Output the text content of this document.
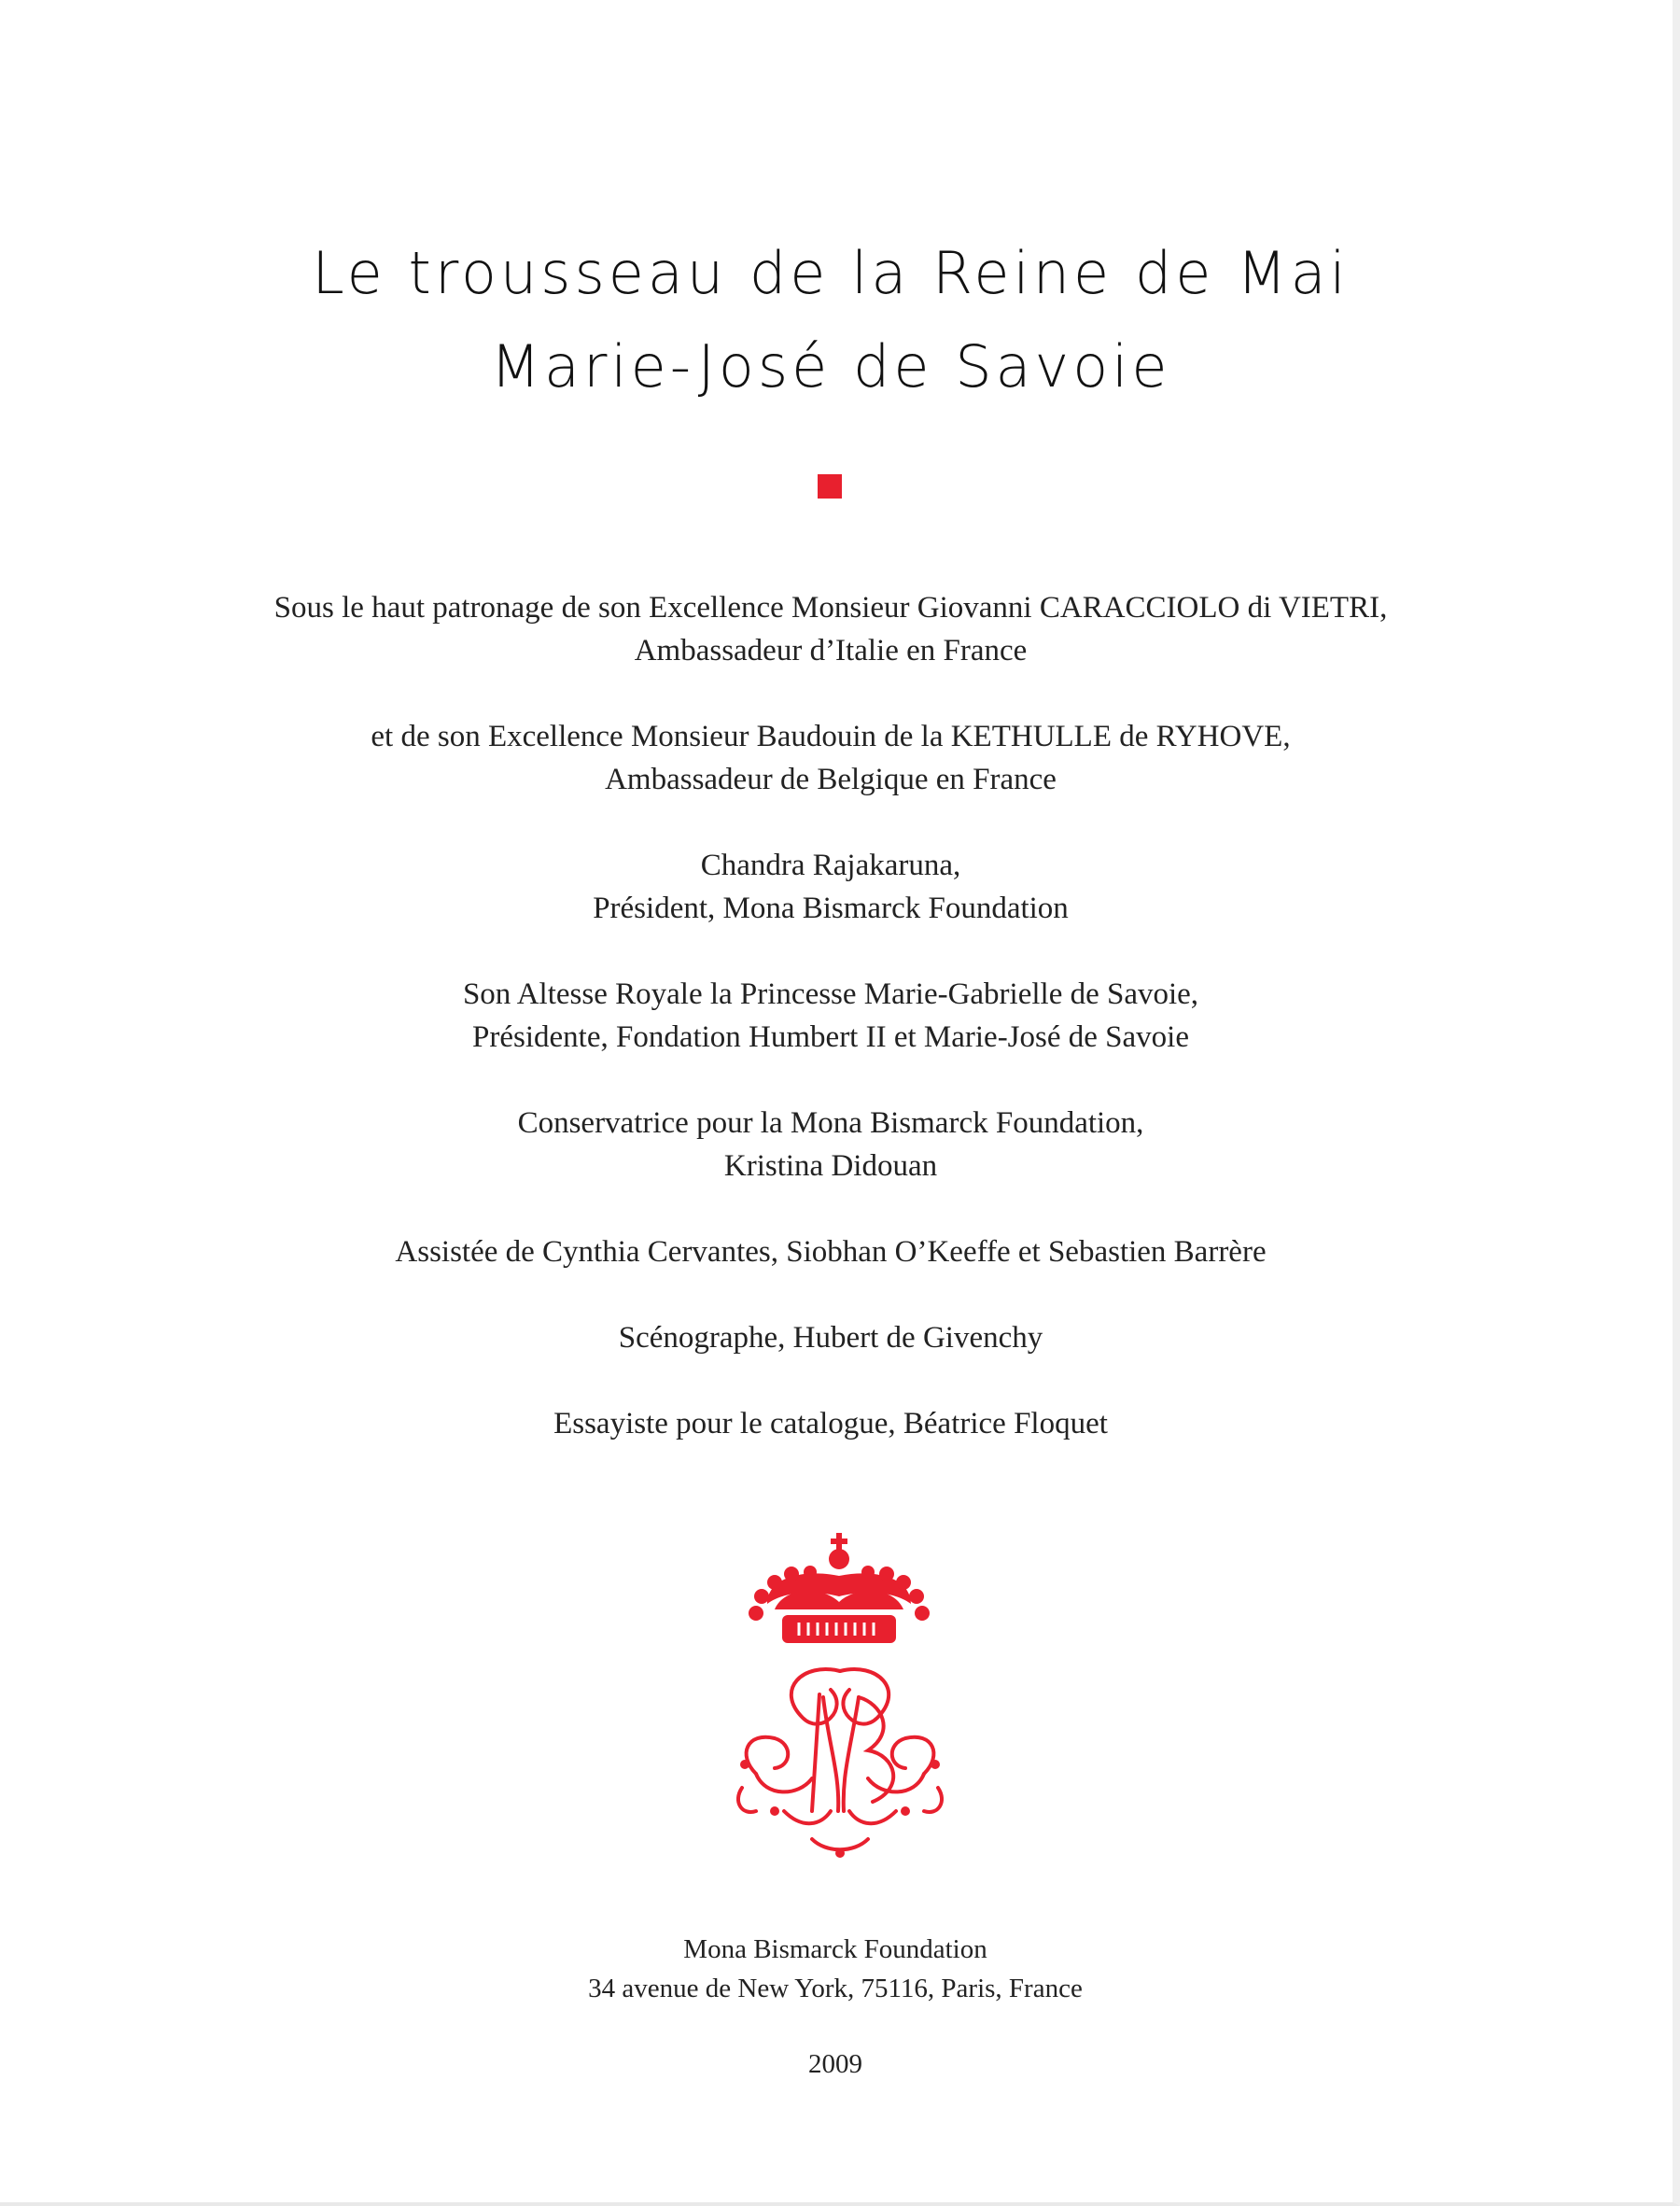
Le trousseau de la Reine de Mai
Marie-José de Savoie

Sous le haut patronage de son Excellence Monsieur Giovanni CARACCIOLO di VIETRI,

Ambassadeur d’Italie en France

et de son Excellence Monsieur Baudouin de la KETHULLE de RYHOVE,

Ambassadeur de Belgique en France

Chandra Rajakaruna,

Président, Mona Bismarck Foundation

Son Altesse Royale la Princesse Marie-Gabrielle de Savoie,

Présidente, Fondation Humbert II et Marie-José de Savoie

Conservatrice pour la Mona Bismarck Foundation,

Kristina Didouan

Assistée de Cynthia Cervantes, Siobhan O’Keeffe et Sebastien Barrère

Scénographe, Hubert de Givenchy

Essayiste pour le catalogue, Béatrice Floquet

Mona Bismarck Foundation

34 avenue de New York, 75116, Paris, France

2009
